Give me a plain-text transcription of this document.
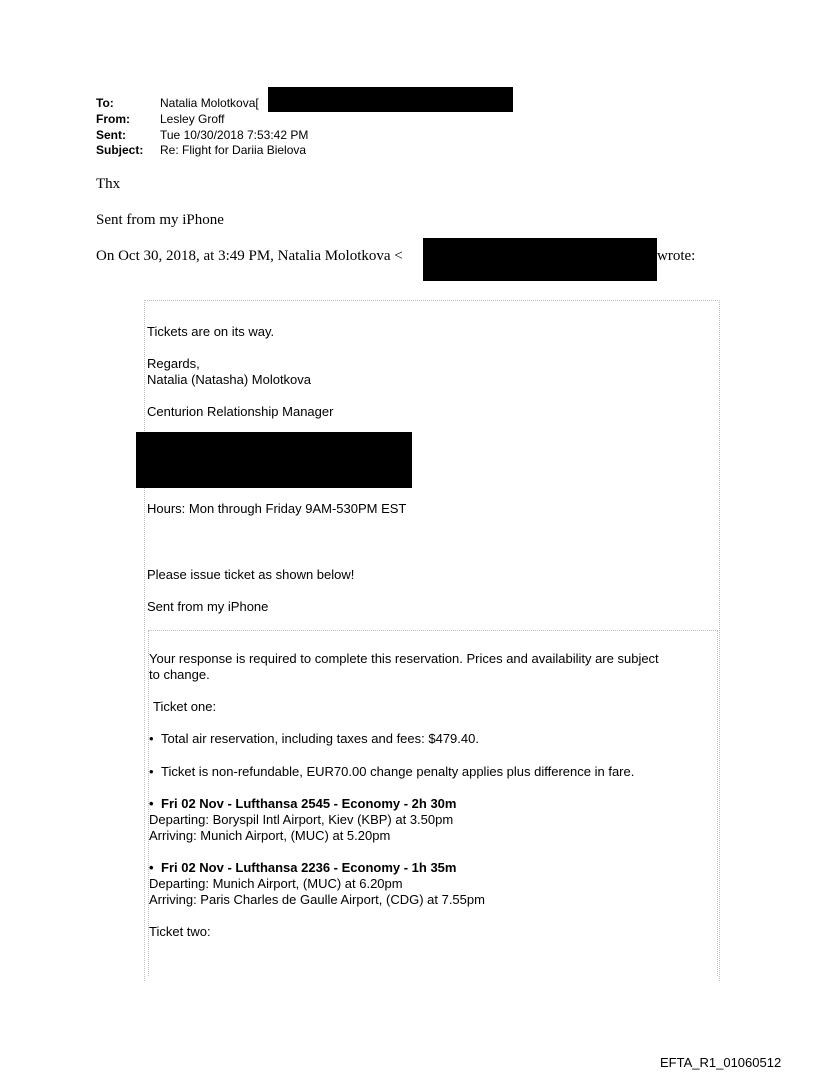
To:	Natalia Molotkova[
From:	Lesley Groff
Sent:	Tue 10/30/2018 7:53:42 PM
Subject: Re: Flight for Dariia Bielova
Thx
Sent from my iPhone
On Oct 30, 2018, at 3:49 PM, Natalia Molotkova <	wrote:
Tickets are on its way.
Regards,
Natalia (Natasha) Molotkova
Centurion Relationship Manager
Hours: Mon through Friday 9AM-530PM EST
Please issue ticket as shown below!
Sent from my iPhone
Your response is required to complete this reservation. Prices and availability are subject
to change.
Ticket one:
• Total air reservation, including taxes and fees: $479.40.
• Ticket is non-refundable, EUR70.00 change penalty applies plus difference in fare.
• Fri 02 Nov - Lufthansa 2545 - Economy - 2h 30m
Departing: Boryspil Intl Airport, Kiev (KBP) at 3.50pm
Arriving: Munich Airport, (MUC) at 5.20pm
• Fri 02 Nov - Lufthansa 2236 - Economy - 1h 35m
Departing: Munich Airport, (MUC) at 6.20pm
Arriving: Paris Charles de Gaulle Airport, (CDG) at 7.55pm
Ticket two:
EFTA_R1_01060512
